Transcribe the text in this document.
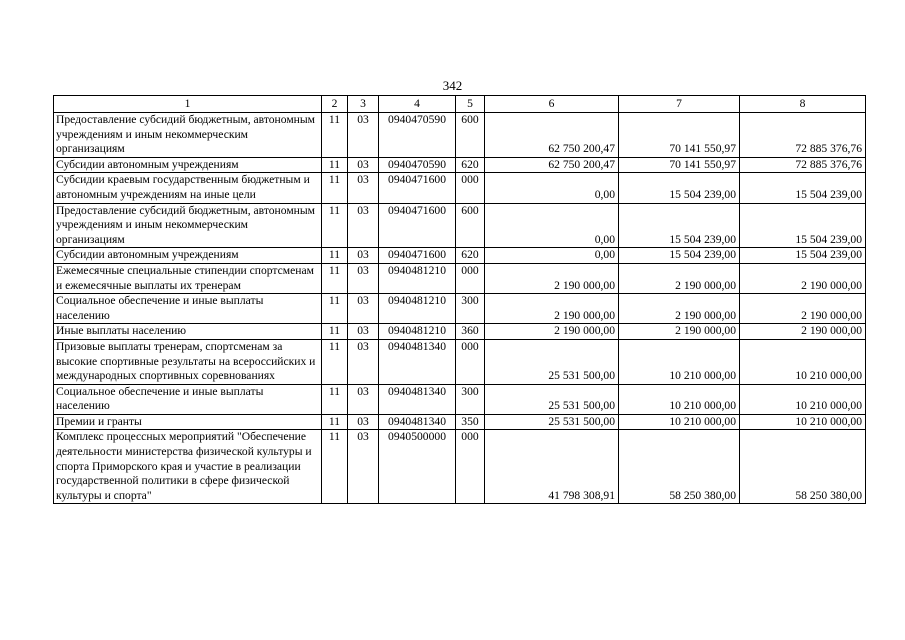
342
1	2	3	4	5	6	7	8
Предоставление субсидий бюджетным, автономным учреждениям и иным некоммерческим организациям	11	03	0940470590	600	62 750 200,47	70 141 550,97	72 885 376,76
Субсидии автономным учреждениям	11	03	0940470590	620	62 750 200,47	70 141 550,97	72 885 376,76
Субсидии краевым государственным бюджетным и автономным учреждениям на иные цели	11	03	0940471600	000	0,00	15 504 239,00	15 504 239,00
Предоставление субсидий бюджетным, автономным учреждениям и иным некоммерческим организациям	11	03	0940471600	600	0,00	15 504 239,00	15 504 239,00
Субсидии автономным учреждениям	11	03	0940471600	620	0,00	15 504 239,00	15 504 239,00
Ежемесячные специальные стипендии спортсменам и ежемесячные выплаты их тренерам	11	03	0940481210	000	2 190 000,00	2 190 000,00	2 190 000,00
Социальное обеспечение и иные выплаты населению	11	03	0940481210	300	2 190 000,00	2 190 000,00	2 190 000,00
Иные выплаты населению	11	03	0940481210	360	2 190 000,00	2 190 000,00	2 190 000,00
Призовые выплаты тренерам, спортсменам за высокие спортивные результаты на всероссийских и международных спортивных соревнованиях	11	03	0940481340	000	25 531 500,00	10 210 000,00	10 210 000,00
Социальное обеспечение и иные выплаты населению	11	03	0940481340	300	25 531 500,00	10 210 000,00	10 210 000,00
Премии и гранты	11	03	0940481340	350	25 531 500,00	10 210 000,00	10 210 000,00
Комплекс процессных мероприятий "Обеспечение деятельности министерства физической культуры и спорта Приморского края и участие в реализации государственной политики в сфере физической культуры и спорта"	11	03	0940500000	000	41 798 308,91	58 250 380,00	58 250 380,00
